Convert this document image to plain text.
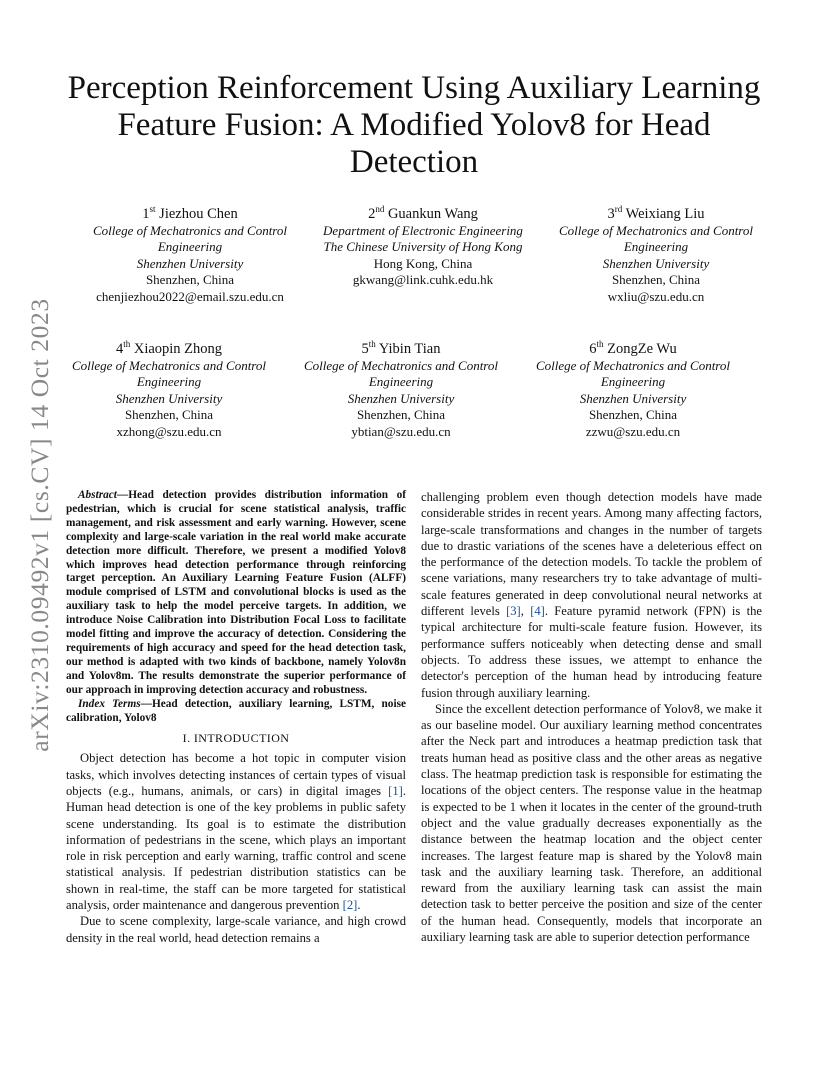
arXiv:2310.09492v1 [cs.CV] 14 Oct 2023
Perception Reinforcement Using Auxiliary Learning Feature Fusion: A Modified Yolov8 for Head Detection
1st Jiezhou Chen
College of Mechatronics and Control
Engineering
Shenzhen University
Shenzhen, China
chenjiezhou2022@email.szu.edu.cn
2nd Guankun Wang
Department of Electronic Engineering
The Chinese University of Hong Kong
Hong Kong, China
gkwang@link.cuhk.edu.hk
3rd Weixiang Liu
College of Mechatronics and Control
Engineering
Shenzhen University
Shenzhen, China
wxliu@szu.edu.cn
4th Xiaopin Zhong
College of Mechatronics and Control
Engineering
Shenzhen University
Shenzhen, China
xzhong@szu.edu.cn
5th Yibin Tian
College of Mechatronics and Control
Engineering
Shenzhen University
Shenzhen, China
ybtian@szu.edu.cn
6th ZongZe Wu
College of Mechatronics and Control
Engineering
Shenzhen University
Shenzhen, China
zzwu@szu.edu.cn

Abstract—Head detection provides distribution information of pedestrian, which is crucial for scene statistical analysis, traffic management, and risk assessment and early warning. However, scene complexity and large-scale variation in the real world make accurate detection more difficult. Therefore, we present a modified Yolov8 which improves head detection performance through reinforcing target perception. An Auxiliary Learning Feature Fusion (ALFF) module comprised of LSTM and convolutional blocks is used as the auxiliary task to help the model perceive targets. In addition, we introduce Noise Calibration into Distribution Focal Loss to facilitate model fitting and improve the accuracy of detection. Considering the requirements of high accuracy and speed for the head detection task, our method is adapted with two kinds of backbone, namely Yolov8n and Yolov8m. The results demonstrate the superior performance of our approach in improving detection accuracy and robustness.

Index Terms—Head detection, auxiliary learning, LSTM, noise calibration, Yolov8

I. INTRODUCTION

Object detection has become a hot topic in computer vision tasks, which involves detecting instances of certain types of visual objects (e.g., humans, animals, or cars) in digital images [1]. Human head detection is one of the key problems in public safety scene understanding. Its goal is to estimate the distribution information of pedestrians in the scene, which plays an important role in risk perception and early warning, traffic control and scene statistical analysis. If pedestrian distribution statistics can be shown in real-time, the staff can be more targeted for statistical analysis, order maintenance and dangerous prevention [2].

Due to scene complexity, large-scale variance, and high crowd density in the real world, head detection remains a

challenging problem even though detection models have made considerable strides in recent years. Among many affecting factors, large-scale transformations and changes in the number of targets due to drastic variations of the scenes have a deleterious effect on the performance of the detection models. To tackle the problem of scene variations, many researchers try to take advantage of multi-scale features generated in deep convolutional neural networks at different levels [3], [4]. Feature pyramid network (FPN) is the typical architecture for multi-scale feature fusion. However, its performance suffers noticeably when detecting dense and small objects. To address these issues, we attempt to enhance the detector's perception of the human head by introducing feature fusion through auxiliary learning.

Since the excellent detection performance of Yolov8, we make it as our baseline model. Our auxiliary learning method concentrates after the Neck part and introduces a heatmap prediction task that treats human head as positive class and the other areas as negative class. The heatmap prediction task is responsible for estimating the locations of the object centers. The response value in the heatmap is expected to be 1 when it locates in the center of the ground-truth object and the value gradually decreases exponentially as the distance between the heatmap location and the object center increases. The largest feature map is shared by the Yolov8 main task and the auxiliary learning task. Therefore, an additional reward from the auxiliary learning task can assist the main detection task to better perceive the position and size of the center of the human head. Consequently, models that incorporate an auxiliary learning task are able to superior detection performance
